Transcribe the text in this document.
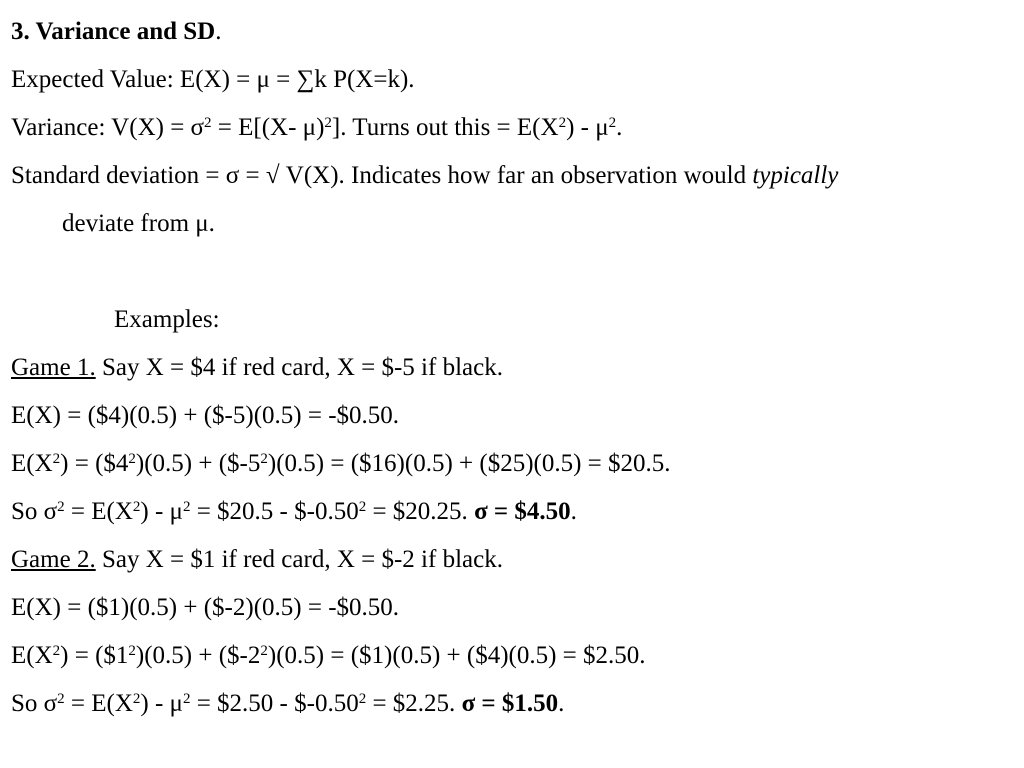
3. Variance and SD.
Expected Value: E(X) = μ = ∑k P(X=k).
Variance: $V(X) = \sigma^2 = E[(X-$ μ)$^2$]. Turns out this = $E(X^2) - \mu^2$.
Standard deviation = σ = √ V(X). Indicates how far an observation would typically
deviate from μ.
Examples:
Game 1. Say X = $4 if red card, X = $-5 if black.
E(X) = ($4)(0.5) + ($-5)(0.5) = -$0.50.
$E(X^2)$ = $(\$4^2)(0.5)$ + $(\$-5^2)(0.5)$ = ($16)(0.5) + ($25)(0.5) = $20.5.
So $\sigma^2 = E(X^2) - \mu^2$ = $20.5 - $\$-0.50^2$ = $20.25. σ = $4.50.
Game 2. Say X = $1 if red card, X = $-2 if black.
E(X) = ($1)(0.5) + ($-2)(0.5) = -$0.50.
$E(X^2)$ = $(\$1^2)(0.5)$ + $(\$-2^2)(0.5)$ = ($1)(0.5) + ($4)(0.5) = $2.50.
So $\sigma^2 = E(X^2) - \mu^2$ = $2.50 - $\$-0.50^2$ = $2.25. σ = $1.50.
